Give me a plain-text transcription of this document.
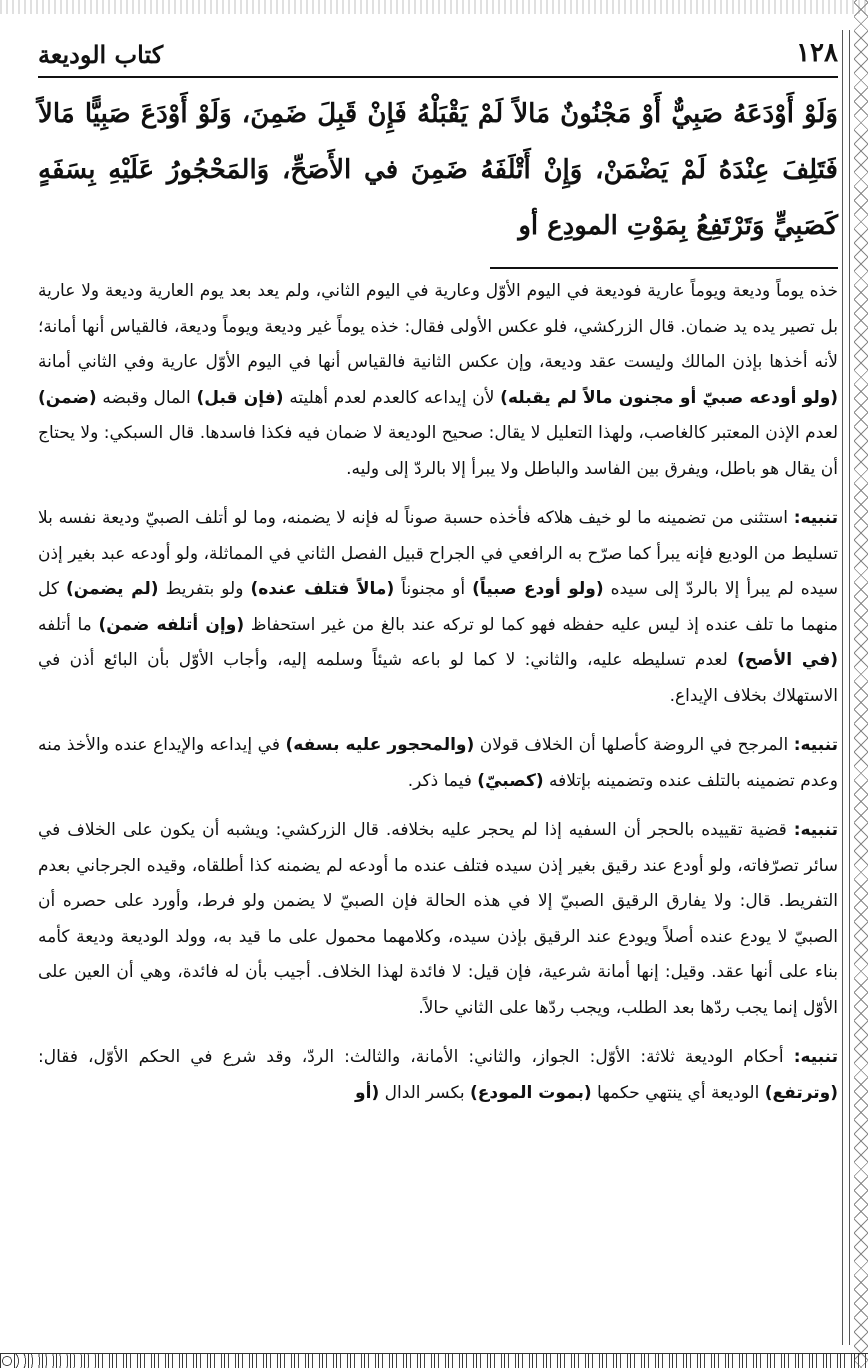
١٢٨
كتاب الوديعة

وَلَوْ أَوْدَعَهُ صَبِيٌّ أَوْ مَجْنُونٌ مَالاً لَمْ يَقْبَلْهُ فَإِنْ قَبِلَ ضَمِنَ، وَلَوْ أَوْدَعَ صَبِيًّا مَالاً فَتَلِفَ عِنْدَهُ لَمْ يَضْمَنْ، وَإِنْ أَتْلَفَهُ ضَمِنَ في الأَصَحِّ، وَالمَحْجُورُ عَلَيْهِ بِسَفَهٍ كَصَبِيٍّ وَتَرْتَفِعُ بِمَوْتِ المودِع أو

خذه يوماً وديعة ويوماً عارية فوديعة في اليوم الأوّل وعارية في اليوم الثاني، ولم يعد بعد يوم العارية وديعة ولا عارية بل تصير يده يد ضمان. قال الزركشي، فلو عكس الأولى فقال: خذه يوماً غير وديعة ويوماً وديعة، فالقياس أنها أمانة؛ لأنه أخذها بإذن المالك وليست عقد وديعة، وإن عكس الثانية فالقياس أنها في اليوم الأوّل عارية وفي الثاني أمانة (ولو أودعه صبيّ أو مجنون مالاً لم يقبله) لأن إيداعه كالعدم لعدم أهليته (فإن قبل) المال وقبضه (ضمن) لعدم الإذن المعتبر كالغاصب، ولهذا التعليل لا يقال: صحيح الوديعة لا ضمان فيه فكذا فاسدها. قال السبكي: ولا يحتاج أن يقال هو باطل، ويفرق بين الفاسد والباطل ولا يبرأ إلا بالردّ إلى وليه.

تنبيه: استثنى من تضمينه ما لو خيف هلاكه فأخذه حسبة صوناً له فإنه لا يضمنه، وما لو أتلف الصبيّ وديعة نفسه بلا تسليط من الوديع فإنه يبرأ كما صرّح به الرافعي في الجراح قبيل الفصل الثاني في المماثلة، ولو أودعه عبد بغير إذن سيده لم يبرأ إلا بالردّ إلى سيده (ولو أودع صبياً) أو مجنوناً (مالاً فتلف عنده) ولو بتفريط (لم يضمن) كل منهما ما تلف عنده إذ ليس عليه حفظه فهو كما لو تركه عند بالغ من غير استحفاظ (وإن أتلفه ضمن) ما أتلفه (في الأصح) لعدم تسليطه عليه، والثاني: لا كما لو باعه شيئاً وسلمه إليه، وأجاب الأوّل بأن البائع أذن في الاستهلاك بخلاف الإيداع.

تنبيه: المرجح في الروضة كأصلها أن الخلاف قولان (والمحجور عليه بسفه) في إيداعه والإيداع عنده والأخذ منه وعدم تضمينه بالتلف عنده وتضمينه بإتلافه (كصبيّ) فيما ذكر.

تنبيه: قضية تقييده بالحجر أن السفيه إذا لم يحجر عليه بخلافه. قال الزركشي: ويشبه أن يكون على الخلاف في سائر تصرّفاته، ولو أودع عند رقيق بغير إذن سيده فتلف عنده ما أودعه لم يضمنه كذا أطلقاه، وقيده الجرجاني بعدم التفريط. قال: ولا يفارق الرقيق الصبيّ إلا في هذه الحالة فإن الصبيّ لا يضمن ولو فرط، وأورد على حصره أن الصبيّ لا يودع عنده أصلاً ويودع عند الرقيق بإذن سيده، وكلامهما محمول على ما قيد به، وولد الوديعة وديعة كأمه بناء على أنها عقد. وقيل: إنها أمانة شرعية، فإن قيل: لا فائدة لهذا الخلاف. أجيب بأن له فائدة، وهي أن العين على الأوّل إنما يجب ردّها بعد الطلب، ويجب ردّها على الثاني حالاً.

تنبيه: أحكام الوديعة ثلاثة: الأوّل: الجواز، والثاني: الأمانة، والثالث: الردّ، وقد شرع في الحكم الأوّل، فقال: (وترتفع) الوديعة أي ينتهي حكمها (بموت المودع) بكسر الدال (أو
